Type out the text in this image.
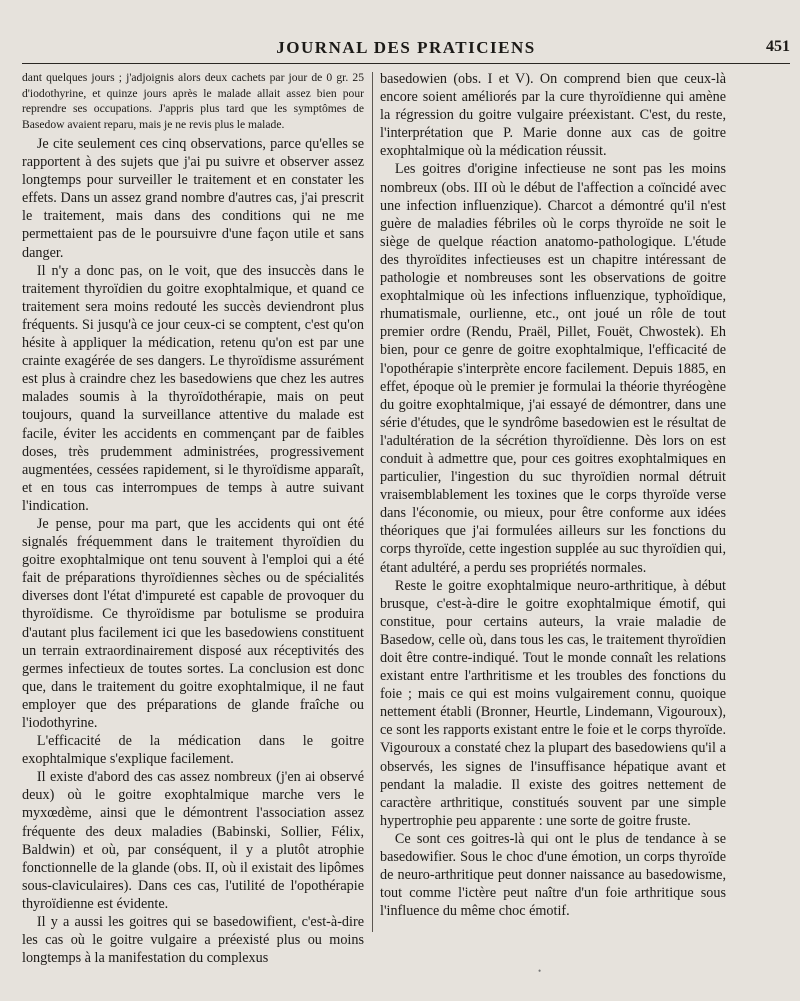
JOURNAL DES PRATICIENS	451

dant quelques jours ; j'adjoignis alors deux cachets par jour de 0 gr. 25 d'iodothyrine, et quinze jours après le malade allait assez bien pour reprendre ses occupations. J'appris plus tard que les symptômes de Basedow avaient reparu, mais je ne revis plus le malade.

Je cite seulement ces cinq observations, parce qu'elles se rapportent à des sujets que j'ai pu suivre et observer assez longtemps pour surveiller le traitement et en constater les effets. Dans un assez grand nombre d'autres cas, j'ai prescrit le traitement, mais dans des conditions qui ne me permettaient pas de le poursuivre d'une façon utile et sans danger.

Il n'y a donc pas, on le voit, que des insuccès dans le traitement thyroïdien du goitre exophtalmique, et quand ce traitement sera moins redouté les succès deviendront plus fréquents. Si jusqu'à ce jour ceux-ci se comptent, c'est qu'on hésite à appliquer la médication, retenu qu'on est par une crainte exagérée de ses dangers. Le thyroïdisme assurément est plus à craindre chez les basedowiens que chez les autres malades soumis à la thyroïdothérapie, mais on peut toujours, quand la surveillance attentive du malade est facile, éviter les accidents en commençant par de faibles doses, très prudemment administrées, progressivement augmentées, cessées rapidement, si le thyroïdisme apparaît, et en tous cas interrompues de temps à autre suivant l'indication.

Je pense, pour ma part, que les accidents qui ont été signalés fréquemment dans le traitement thyroïdien du goitre exophtalmique ont tenu souvent à l'emploi qui a été fait de préparations thyroïdiennes sèches ou de spécialités diverses dont l'état d'impureté est capable de provoquer du thyroïdisme. Ce thyroïdisme par botulisme se produira d'autant plus facilement ici que les basedowiens constituent un terrain extraordinairement disposé aux réceptivités des germes infectieux de toutes sortes. La conclusion est donc que, dans le traitement du goitre exophtalmique, il ne faut employer que des préparations de glande fraîche ou l'iodothyrine.

L'efficacité de la médication dans le goitre exophtalmique s'explique facilement.

Il existe d'abord des cas assez nombreux (j'en ai observé deux) où le goitre exophtalmique marche vers le myxœdème, ainsi que le démontrent l'association assez fréquente des deux maladies (Babinski, Sollier, Félix, Baldwin) et où, par conséquent, il y a plutôt atrophie fonctionnelle de la glande (obs. II, où il existait des lipômes sous-claviculaires). Dans ces cas, l'utilité de l'opothérapie thyroïdienne est évidente.

Il y a aussi les goitres qui se basedowifient, c'est-à-dire les cas où le goitre vulgaire a préexisté plus ou moins longtemps à la manifestation du complexus

basedowien (obs. I et V). On comprend bien que ceux-là encore soient améliorés par la cure thyroïdienne qui amène la régression du goitre vulgaire préexistant. C'est, du reste, l'interprétation que P. Marie donne aux cas de goitre exophtalmique où la médication réussit.

Les goitres d'origine infectieuse ne sont pas les moins nombreux (obs. III où le début de l'affection a coïncidé avec une infection influenzique). Charcot a démontré qu'il n'est guère de maladies fébriles où le corps thyroïde ne soit le siège de quelque réaction anatomo-pathologique. L'étude des thyroïdites infectieuses est un chapitre intéressant de pathologie et nombreuses sont les observations de goitre exophtalmique où les infections influenzique, typhoïdique, rhumatismale, ourlienne, etc., ont joué un rôle de tout premier ordre (Rendu, Praël, Pillet, Fouët, Chwostek). Eh bien, pour ce genre de goitre exophtalmique, l'efficacité de l'opothérapie s'interprète encore facilement. Depuis 1885, en effet, époque où le premier je formulai la théorie thyréogène du goitre exophtalmique, j'ai essayé de démontrer, dans une série d'études, que le syndrôme basedowien est le résultat de l'adultération de la sécrétion thyroïdienne. Dès lors on est conduit à admettre que, pour ces goitres exophtalmiques en particulier, l'ingestion du suc thyroïdien normal détruit vraisemblablement les toxines que le corps thyroïde verse dans l'économie, ou mieux, pour être conforme aux idées théoriques que j'ai formulées ailleurs sur les fonctions du corps thyroïde, cette ingestion supplée au suc thyroïdien qui, étant adultéré, a perdu ses propriétés normales.

Reste le goitre exophtalmique neuro-arthritique, à début brusque, c'est-à-dire le goitre exophtalmique émotif, qui constitue, pour certains auteurs, la vraie maladie de Basedow, celle où, dans tous les cas, le traitement thyroïdien doit être contre-indiqué. Tout le monde connaît les relations existant entre l'arthritisme et les troubles des fonctions du foie ; mais ce qui est moins vulgairement connu, quoique nettement établi (Bronner, Heurtle, Lindemann, Vigouroux), ce sont les rapports existant entre le foie et le corps thyroïde. Vigouroux a constaté chez la plupart des basedowiens qu'il a observés, les signes de l'insuffisance hépatique avant et pendant la maladie. Il existe des goitres nettement de caractère arthritique, constitués souvent par une simple hypertrophie peu apparente : une sorte de goitre fruste.

Ce sont ces goitres-là qui ont le plus de tendance à se basedowifier. Sous le choc d'une émotion, un corps thyroïde de neuro-arthritique peut donner naissance au basedowisme, tout comme l'ictère peut naître d'un foie arthritique sous l'influence du même choc émotif.

•
